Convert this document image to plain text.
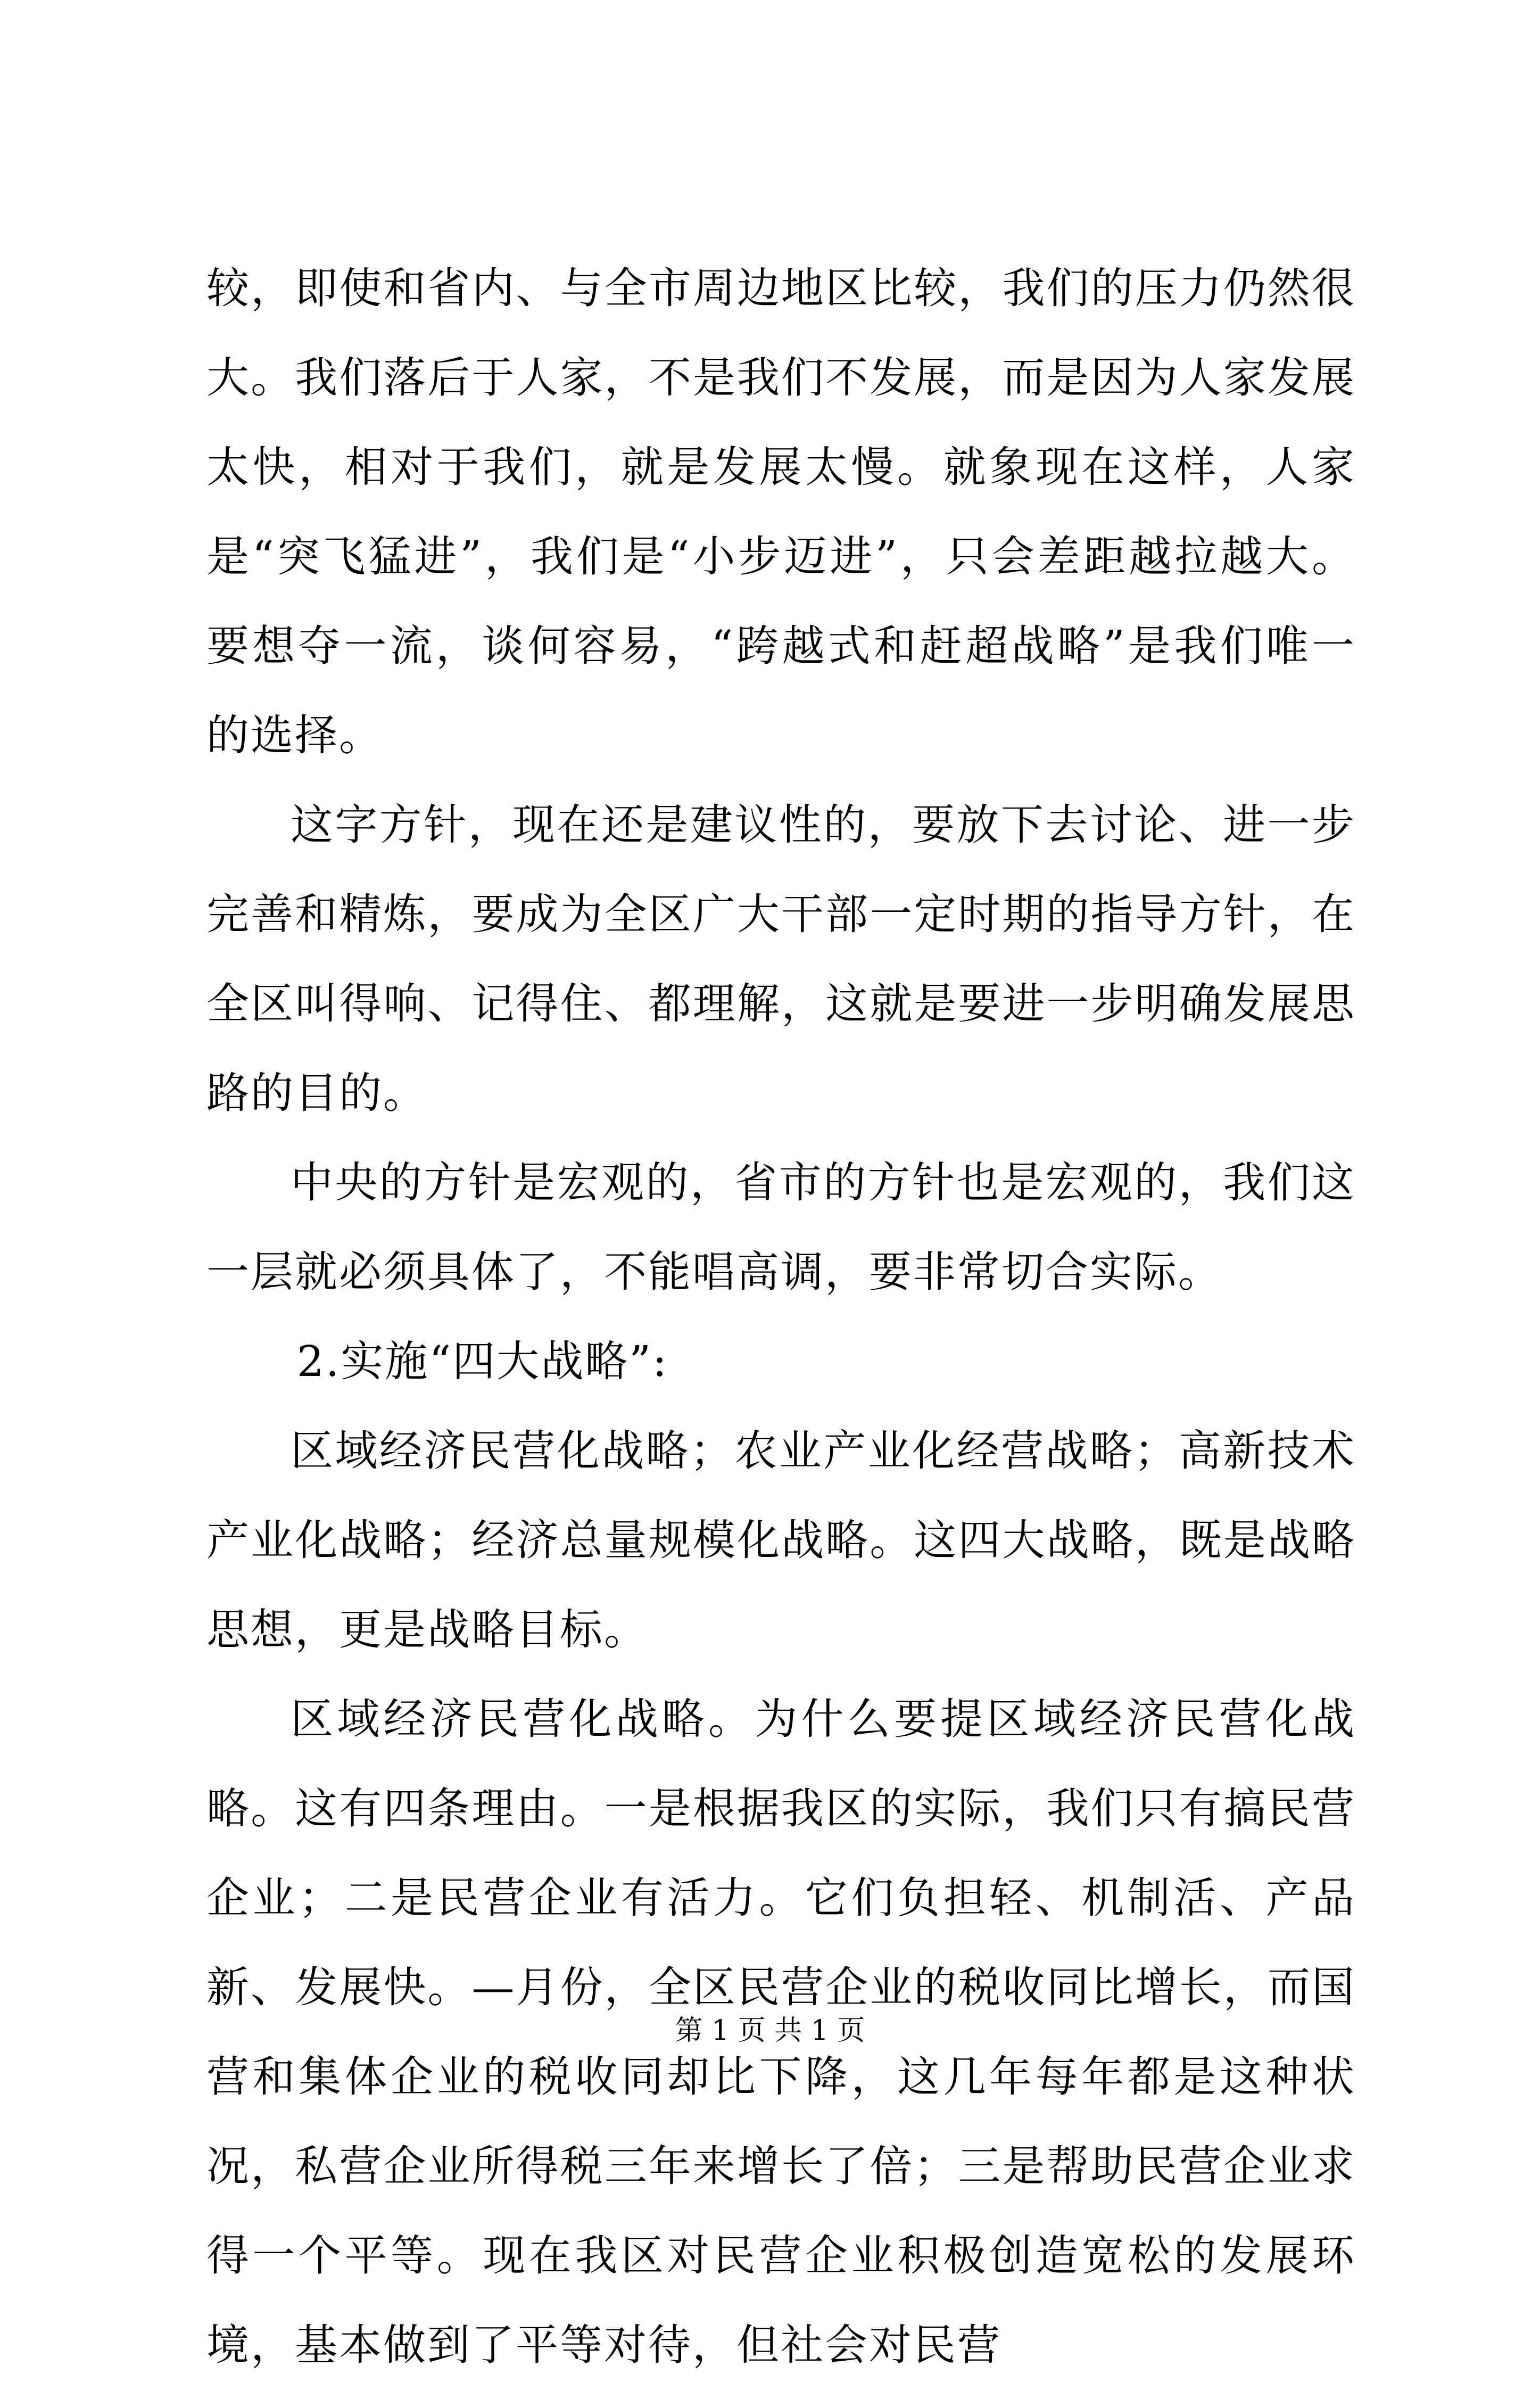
较，即使和省内、与全市周边地区比较，我们的压力仍然很大。我们落后于人家，不是我们不发展，而是因为人家发展太快，相对于我们，就是发展太慢。就象现在这样，人家是“突飞猛进”，我们是“小步迈进”，只会差距越拉越大。要想夺一流，谈何容易，“跨越式和赶超战略”是我们唯一的选择。

这字方针，现在还是建议性的，要放下去讨论、进一步完善和精炼，要成为全区广大干部一定时期的指导方针，在全区叫得响、记得住、都理解，这就是要进一步明确发展思路的目的。

中央的方针是宏观的，省市的方针也是宏观的，我们这一层就必须具体了，不能唱高调，要非常切合实际。

2.实施“四大战略”:

区域经济民营化战略；农业产业化经营战略；高新技术产业化战略；经济总量规模化战略。这四大战略，既是战略思想，更是战略目标。

区域经济民营化战略。为什么要提区域经济民营化战略。这有四条理由。一是根据我区的实际，我们只有搞民营企业；二是民营企业有活力。它们负担轻、机制活、产品新、发展快。—月份，全区民营企业的税收同比增长，而国营和集体企业的税收同却比下降，这几年每年都是这种状况，私营企业所得税三年来增长了倍；三是帮助民营企业求得一个平等。现在我区对民营企业积极创造宽松的发展环境，基本做到了平等对待，但社会对民营

第 1 页 共 1 页
